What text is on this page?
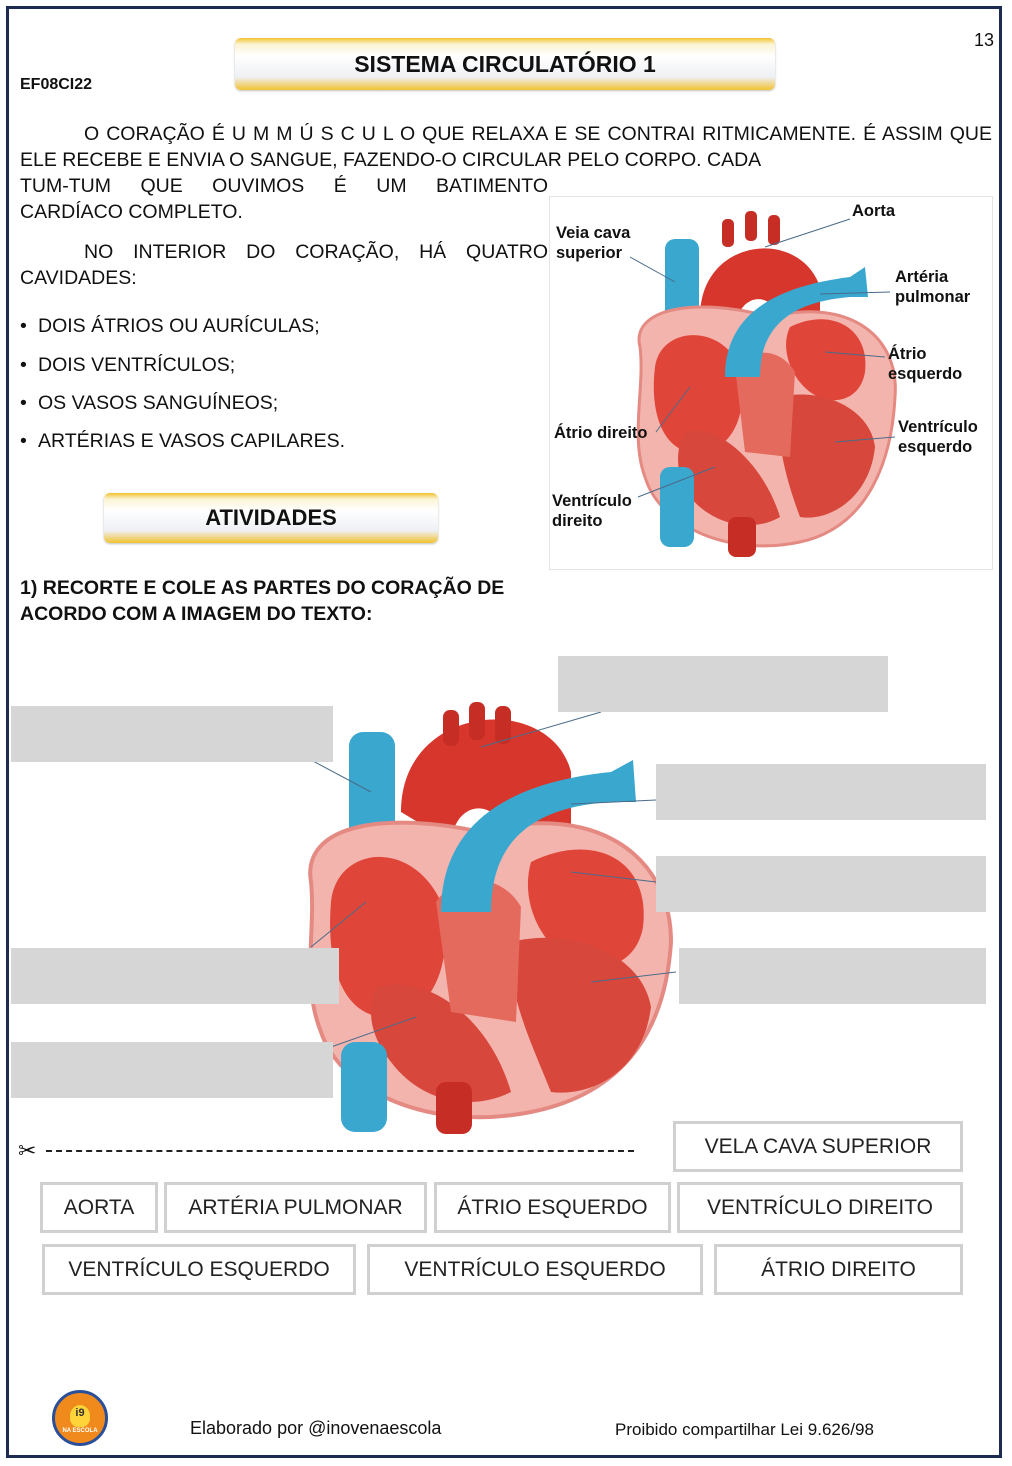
13
EF08CI22
SISTEMA CIRCULATÓRIO 1
O CORAÇÃO É U M M Ú S C U L O QUE RELAXA E SE CONTRAI RITMICAMENTE. É ASSIM QUE ELE RECEBE E ENVIA O SANGUE, FAZENDO-O CIRCULAR PELO CORPO. CADA
TUM-TUM QUE OUVIMOS É UM BATIMENTO
CARDÍACO COMPLETO.
NO INTERIOR DO CORAÇÃO, HÁ QUATRO CAVIDADES:
• DOIS ÁTRIOS OU AURÍCULAS;
• DOIS VENTRÍCULOS;
• OS VASOS SANGUÍNEOS;
• ARTÉRIAS E VASOS CAPILARES.
ATIVIDADES
1) RECORTE E COLE AS PARTES DO CORAÇÃO DE ACORDO COM A IMAGEM DO TEXTO:
Aorta
Veia cava
superior
Artéria
pulmonar
Átrio
esquerdo
Átrio direito	Ventrículo
esquerdo
Ventrículo
direito
✂	VELA CAVA SUPERIOR
AORTA	ARTÉRIA PULMONAR	ÁTRIO ESQUERDO	VENTRÍCULO DIREITO
VENTRÍCULO ESQUERDO	VENTRÍCULO ESQUERDO	ÁTRIO DIREITO
i9
NA ESCOLA	Elaborado por @inovenaescola	Proibido compartilhar Lei 9.626/98
